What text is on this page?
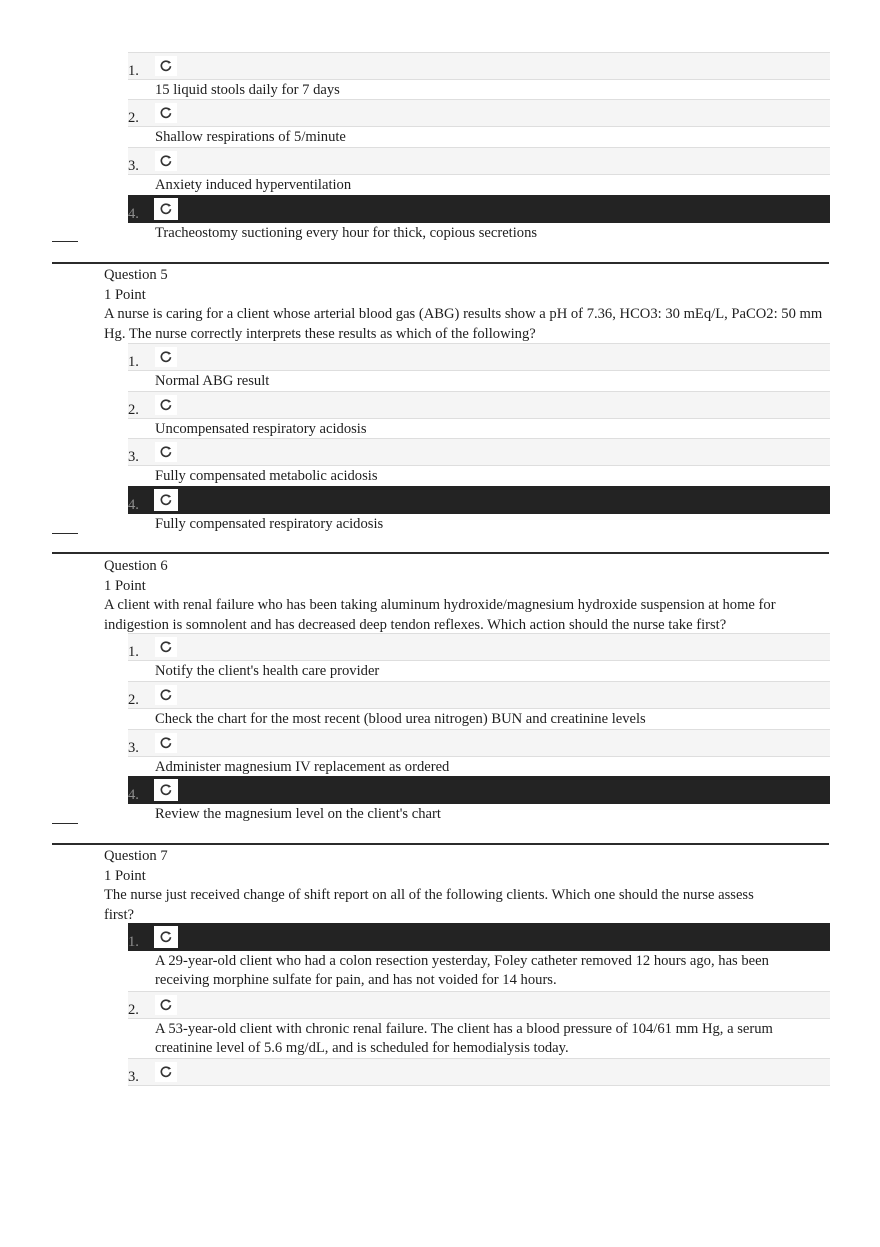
1.
15 liquid stools daily for 7 days
2.
Shallow respirations of 5/minute
3.
Anxiety induced hyperventilation
4.
Tracheostomy suctioning every hour for thick, copious secretions
Question 5
1 Point
A nurse is caring for a client whose arterial blood gas (ABG) results show a pH of 7.36, HCO3: 30 mEq/L, PaCO2: 50 mm Hg. The nurse correctly interprets these results as which of the following?
1.
Normal ABG result
2.
Uncompensated respiratory acidosis
3.
Fully compensated metabolic acidosis
4.
Fully compensated respiratory acidosis
Question 6
1 Point
A client with renal failure who has been taking aluminum hydroxide/magnesium hydroxide suspension at home for indigestion is somnolent and has decreased deep tendon reflexes. Which action should the nurse take first?
1.
Notify the client's health care provider
2.
Check the chart for the most recent (blood urea nitrogen) BUN and creatinine levels
3.
Administer magnesium IV replacement as ordered
4.
Review the magnesium level on the client's chart
Question 7
1 Point
The nurse just received change of shift report on all of the following clients. Which one should the nurse assess first?
1.
A 29-year-old client who had a colon resection yesterday, Foley catheter removed 12 hours ago, has been receiving morphine sulfate for pain, and has not voided for 14 hours.
2.
A 53-year-old client with chronic renal failure. The client has a blood pressure of 104/61 mm Hg, a serum creatinine level of 5.6 mg/dL, and is scheduled for hemodialysis today.
3.
